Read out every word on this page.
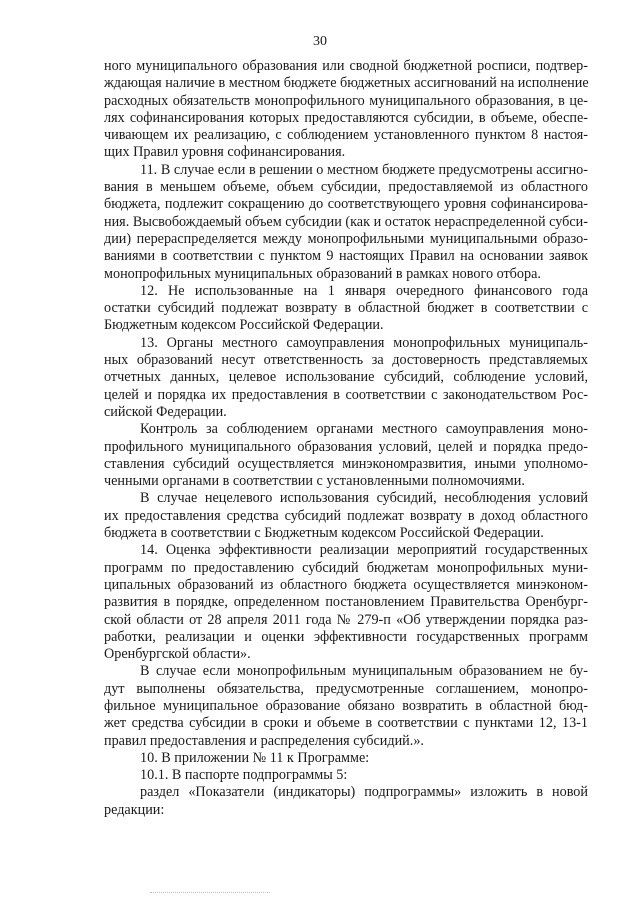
30
ного муниципального образования или сводной бюджетной росписи, подтвер-
ждающая наличие в местном бюджете бюджетных ассигнований на исполнение
расходных обязательств монопрофильного муниципального образования, в це-
лях софинансирования которых предоставляются субсидии, в объеме, обеспе-
чивающем их реализацию, с соблюдением установленного пунктом 8 настоя-
щих Правил уровня софинансирования.
11. В случае если в решении о местном бюджете предусмотрены ассигно-
вания в меньшем объеме, объем субсидии, предоставляемой из областного
бюджета, подлежит сокращению до соответствующего уровня софинансирова-
ния. Высвобождаемый объем субсидии (как и остаток нераспределенной субси-
дии) перераспределяется между монопрофильными муниципальными образо-
ваниями в соответствии с пунктом 9 настоящих Правил на основании заявок
монопрофильных муниципальных образований в рамках нового отбора.
12. Не использованные на 1 января очередного финансового года
остатки субсидий подлежат возврату в областной бюджет в соответствии с
Бюджетным кодексом Российской Федерации.
13. Органы местного самоуправления монопрофильных муниципаль-
ных образований несут ответственность за достоверность представляемых
отчетных данных, целевое использование субсидий, соблюдение условий,
целей и порядка их предоставления в соответствии с законодательством Рос-
сийской Федерации.
Контроль за соблюдением органами местного самоуправления моно-
профильного муниципального образования условий, целей и порядка предо-
ставления субсидий осуществляется минэкономразвития, иными уполномо-
ченными органами в соответствии с установленными полномочиями.
В случае нецелевого использования субсидий, несоблюдения условий
их предоставления средства субсидий подлежат возврату в доход областного
бюджета в соответствии с Бюджетным кодексом Российской Федерации.
14. Оценка эффективности реализации мероприятий государственных
программ по предоставлению субсидий бюджетам монопрофильных муни-
ципальных образований из областного бюджета осуществляется минэконом-
развития в порядке, определенном постановлением Правительства Оренбург-
ской области от 28 апреля 2011 года № 279-п «Об утверждении порядка раз-
работки, реализации и оценки эффективности государственных программ
Оренбургской области».
В случае если монопрофильным муниципальным образованием не бу-
дут выполнены обязательства, предусмотренные соглашением, монопро-
фильное муниципальное образование обязано возвратить в областной бюд-
жет средства субсидии в сроки и объеме в соответствии с пунктами 12, 13-1
правил предоставления и распределения субсидий.».
10. В приложении № 11 к Программе:
10.1. В паспорте подпрограммы 5:
раздел «Показатели (индикаторы) подпрограммы» изложить в новой
редакции:
